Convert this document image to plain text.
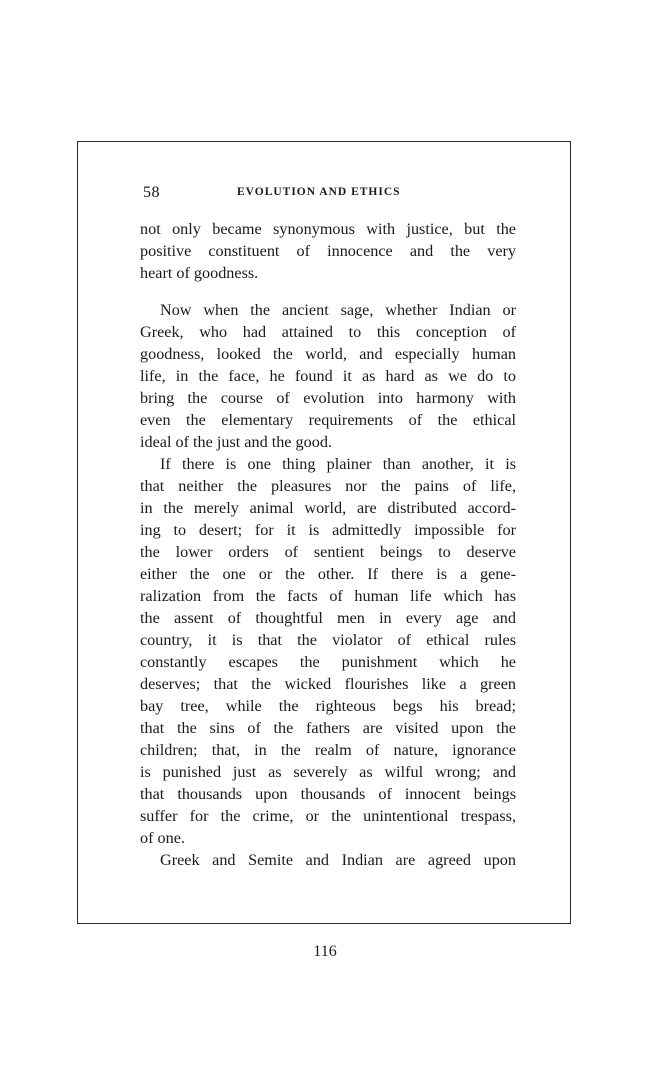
58	EVOLUTION AND ETHICS
not only became synonymous with justice, but the
positive constituent of innocence and the very
heart of goodness.
Now when the ancient sage, whether Indian or
Greek, who had attained to this conception of
goodness, looked the world, and especially human
life, in the face, he found it as hard as we do to
bring the course of evolution into harmony with
even the elementary requirements of the ethical
ideal of the just and the good.
If there is one thing plainer than another, it is
that neither the pleasures nor the pains of life,
in the merely animal world, are distributed accord-
ing to desert; for it is admittedly impossible for
the lower orders of sentient beings to deserve
either the one or the other. If there is a gene-
ralization from the facts of human life which has
the assent of thoughtful men in every age and
country, it is that the violator of ethical rules
constantly escapes the punishment which he
deserves; that the wicked flourishes like a green
bay tree, while the righteous begs his bread;
that the sins of the fathers are visited upon the
children; that, in the realm of nature, ignorance
is punished just as severely as wilful wrong; and
that thousands upon thousands of innocent beings
suffer for the crime, or the unintentional trespass,
of one.
Greek and Semite and Indian are agreed upon
116
